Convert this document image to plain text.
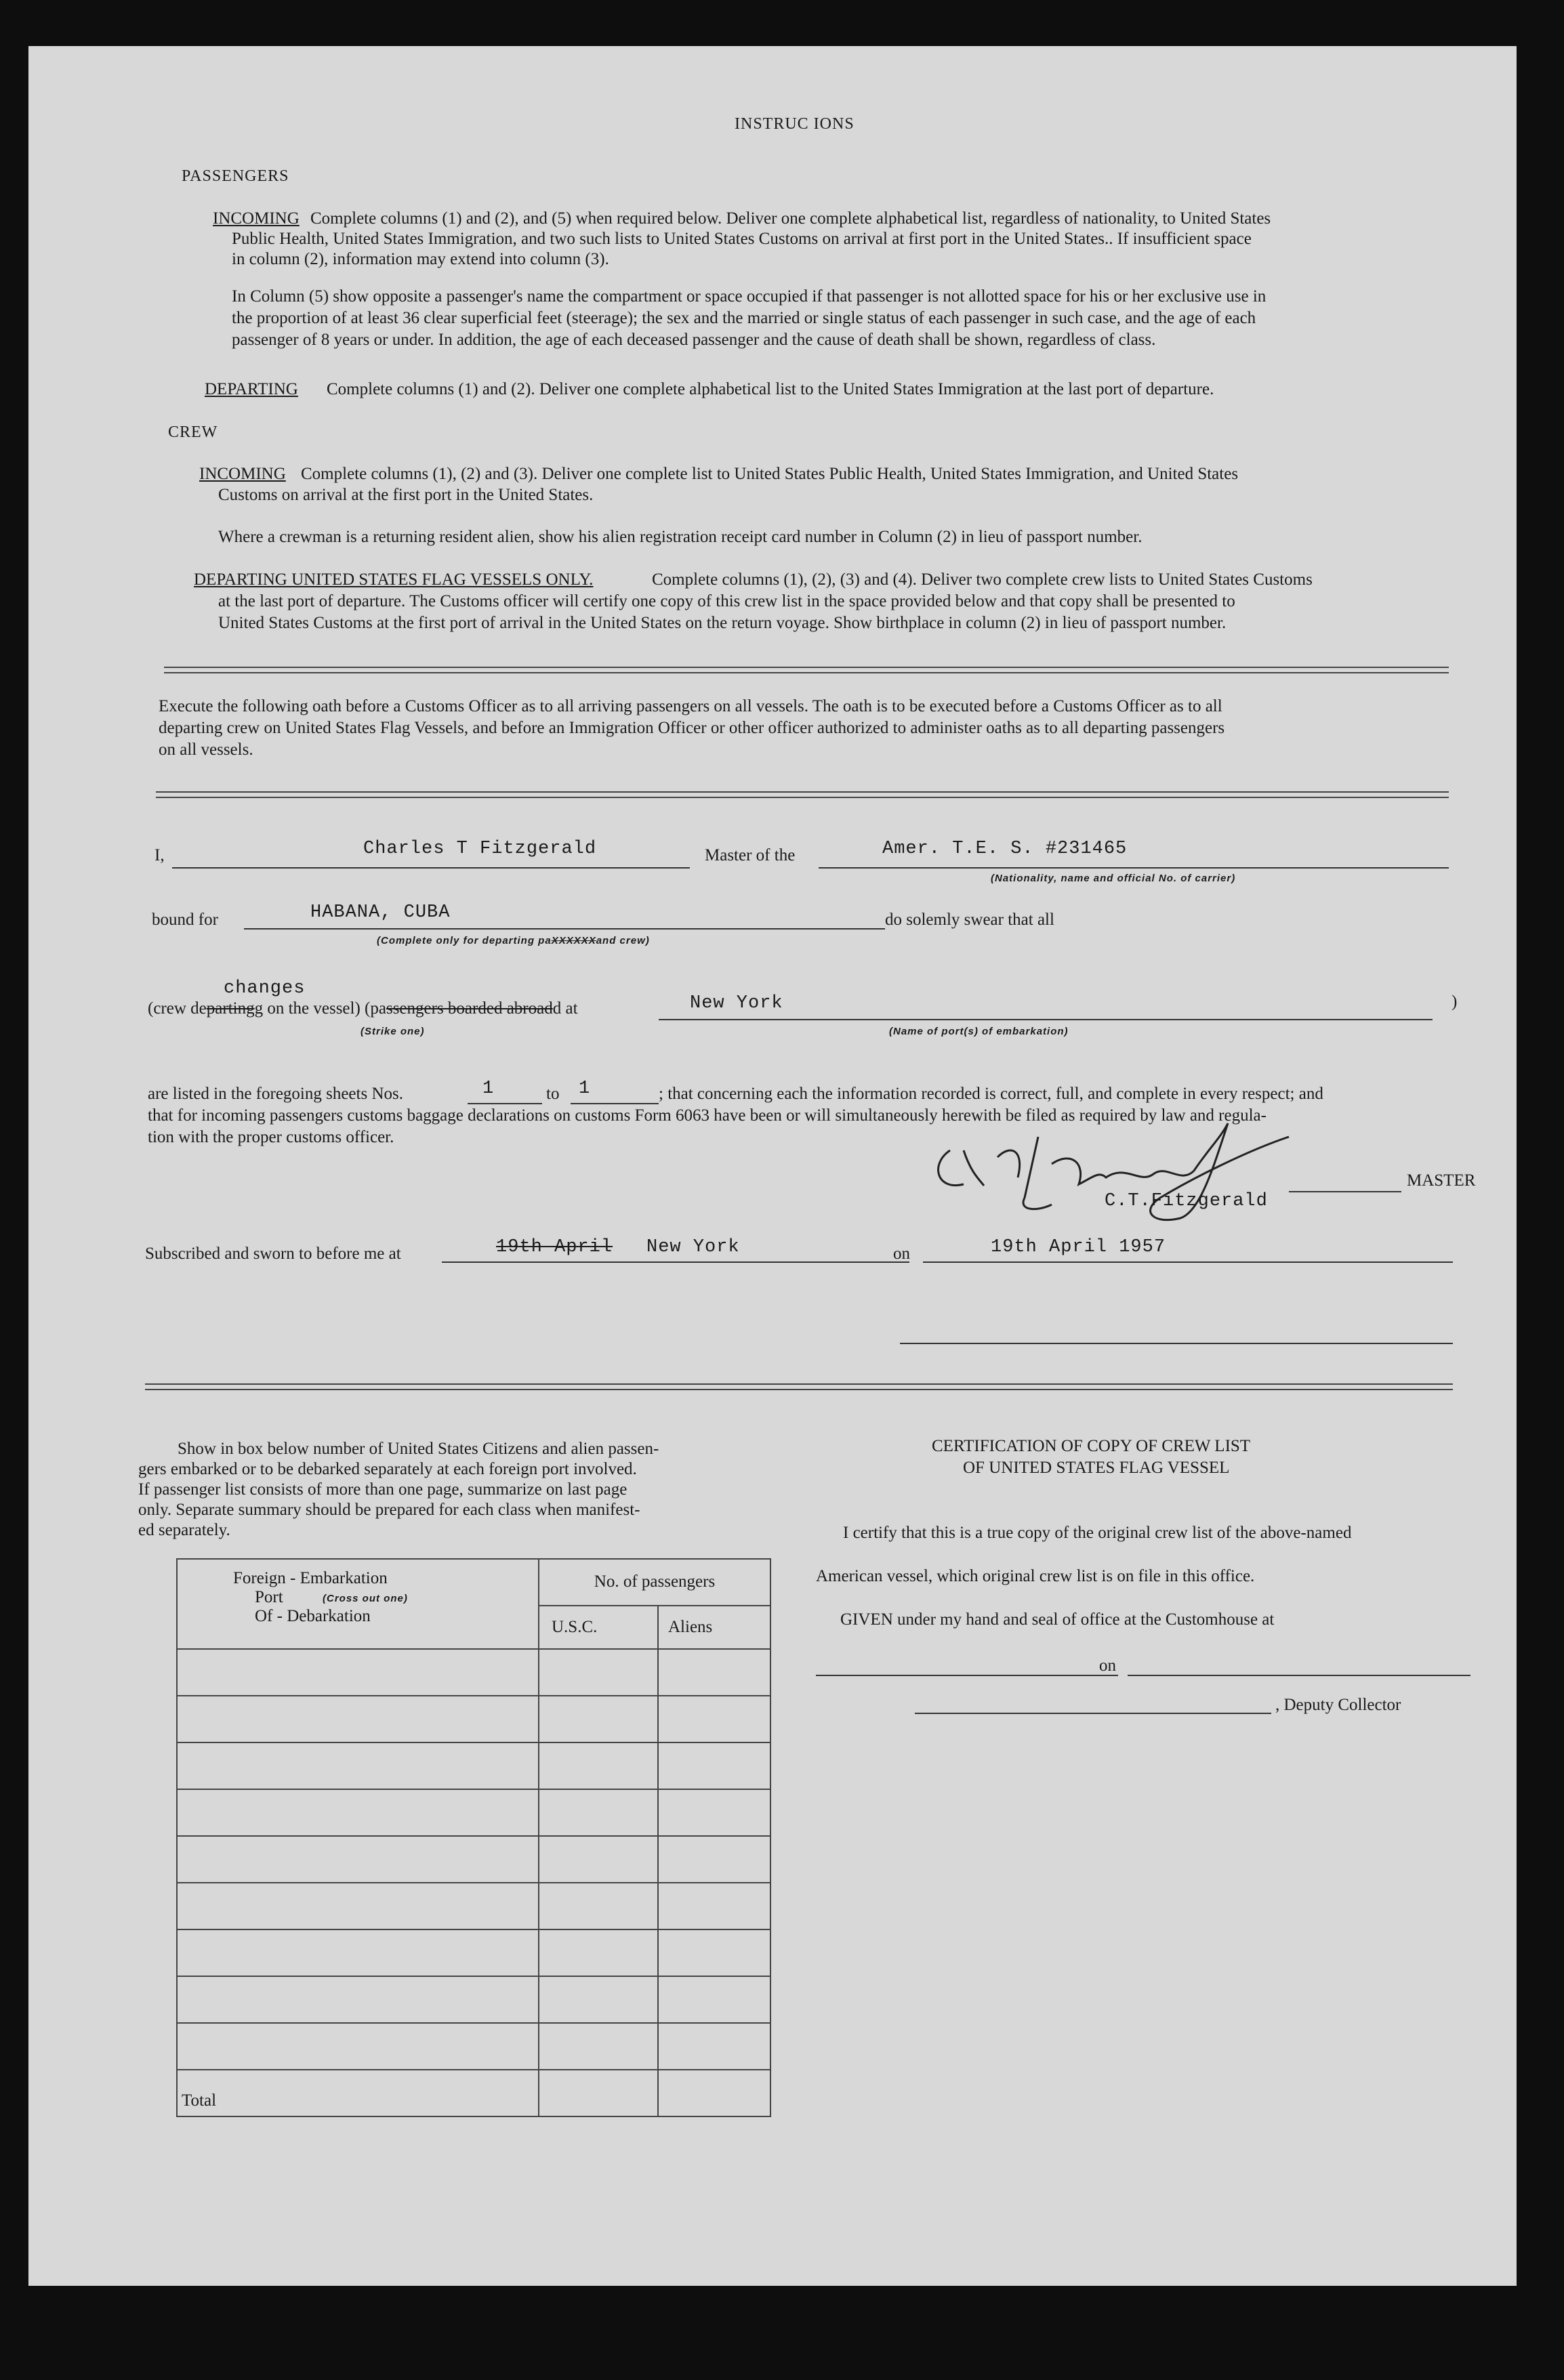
INSTRUC IONS
PASSENGERS
INCOMING Complete columns (1) and (2), and (5) when required below. Deliver one complete alphabetical list, regardless of nationality, to United States
Public Health, United States Immigration, and two such lists to United States Customs on arrival at first port in the United States.. If insufficient space
in column (2), information may extend into column (3).
In Column (5) show opposite a passenger's name the compartment or space occupied if that passenger is not allotted space for his or her exclusive use in
the proportion of at least 36 clear superficial feet (steerage); the sex and the married or single status of each passenger in such case, and the age of each
passenger of 8 years or under. In addition, the age of each deceased passenger and the cause of death shall be shown, regardless of class.
DEPARTING Complete columns (1) and (2). Deliver one complete alphabetical list to the United States Immigration at the last port of departure.
CREW
INCOMING Complete columns (1), (2) and (3). Deliver one complete list to United States Public Health, United States Immigration, and United States
Customs on arrival at the first port in the United States.
Where a crewman is a returning resident alien, show his alien registration receipt card number in Column (2) in lieu of passport number.
DEPARTING UNITED STATES FLAG VESSELS ONLY.	Complete columns (1), (2), (3) and (4). Deliver two complete crew lists to United States Customs
at the last port of departure. The Customs officer will certify one copy of this crew list in the space provided below and that copy shall be presented to
United States Customs at the first port of arrival in the United States on the return voyage. Show birthplace in column (2) in lieu of passport number.
Execute the following oath before a Customs Officer as to all arriving passengers on all vessels. The oath is to be executed before a Customs Officer as to all
departing crew on United States Flag Vessels, and before an Immigration Officer or other officer authorized to administer oaths as to all departing passengers
on all vessels.
I,	Charles T Fitzgerald	Master of the	Amer. T.E. S. #231465
(Nationality, name and official No. of carrier)
bound for	HABANA, CUBA	do solemly swear that all
(Complete only for departing paXXXXXXand crew)
changes
(crew departingg on the vessel) (passengers boarded abroadd at	New York	)
(Strike one)	(Name of port(s) of embarkation)
are listed in the foregoing sheets Nos.	1	to 1	; that concerning each the information recorded is correct, full, and complete in every respect; and
that for incoming passengers customs baggage declarations on customs Form 6063 have been or will simultaneously herewith be filed as required by law and regula-
tion with the proper customs officer.
MASTER
C.T.Fitzgerald
Subscribed and sworn to before me at	19th April New York	on	19th April 1957
Show in box below number of United States Citizens and alien passen-
gers embarked or to be debarked separately at each foreign port involved.
If passenger list consists of more than one page, summarize on last page
only. Separate summary should be prepared for each class when manifest-
ed separately.
Foreign - Embarkation
Port (Cross out one)
Of - Debarkation	No. of passengers	
	U.S.C.	Aliens

Total		
CERTIFICATION OF COPY OF CREW LIST
OF UNITED STATES FLAG VESSEL
I certify that this is a true copy of the original crew list of the above-named
American vessel, which original crew list is on file in this office.
GIVEN under my hand and seal of office at the Customhouse at
on
, Deputy Collector
